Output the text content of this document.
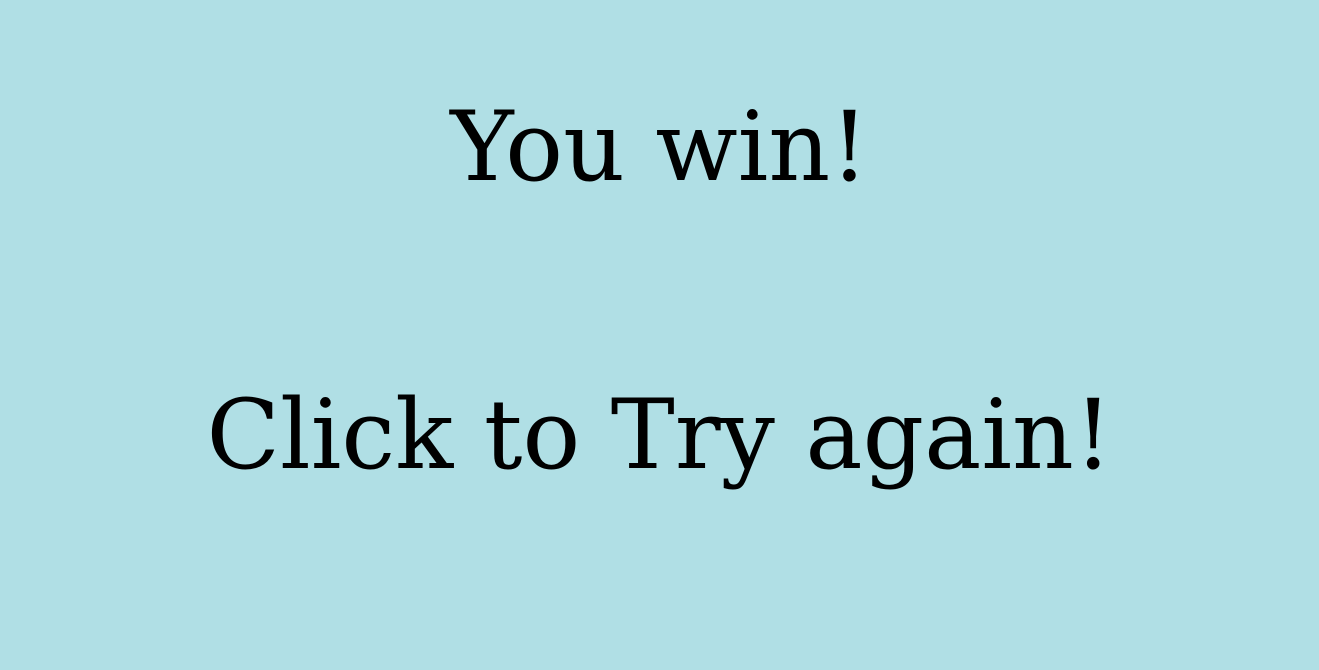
You win!
Click to Try again!
